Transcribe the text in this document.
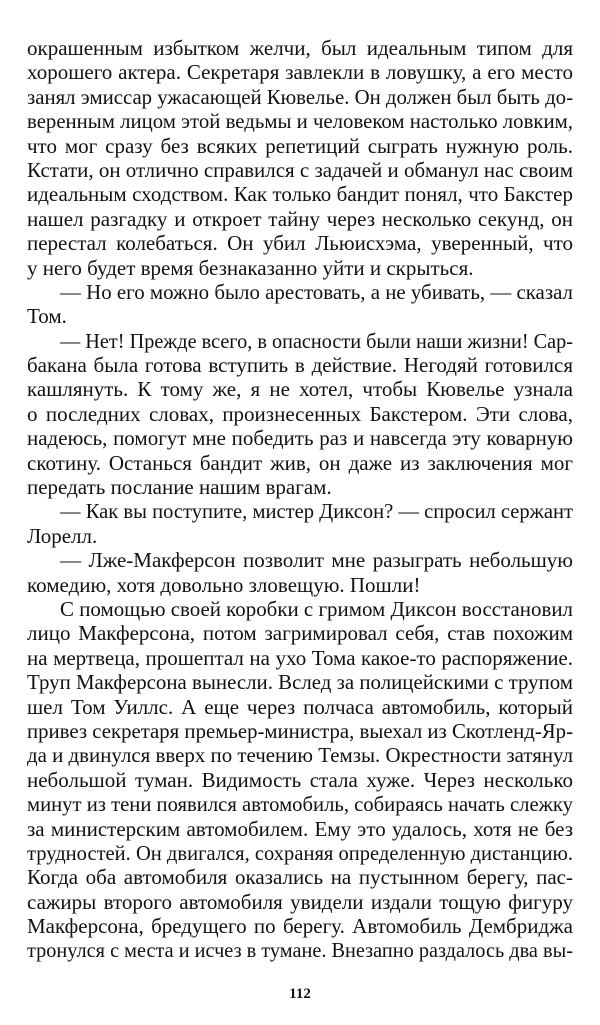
окрашенным избытком желчи, был идеальным типом для
хорошего актера. Секретаря завлекли в ловушку, а его место
занял эмиссар ужасающей Кювелье. Он должен был быть до-
веренным лицом этой ведьмы и человеком настолько ловким,
что мог сразу без всяких репетиций сыграть нужную роль.
Кстати, он отлично справился с задачей и обманул нас своим
идеальным сходством. Как только бандит понял, что Бакстер
нашел разгадку и откроет тайну через несколько секунд, он
перестал колебаться. Он убил Льюисхэма, уверенный, что
у него будет время безнаказанно уйти и скрыться.
— Но его можно было арестовать, а не убивать, — сказал
Том.
— Нет! Прежде всего, в опасности были наши жизни! Сар-
бакана была готова вступить в действие. Негодяй готовился
кашлянуть. К тому же, я не хотел, чтобы Кювелье узнала
о последних словах, произнесенных Бакстером. Эти слова,
надеюсь, помогут мне победить раз и навсегда эту коварную
скотину. Останься бандит жив, он даже из заключения мог
передать послание нашим врагам.
— Как вы поступите, мистер Диксон? — спросил сержант
Лорелл.
— Лже-Макферсон позволит мне разыграть небольшую
комедию, хотя довольно зловещую. Пошли!
С помощью своей коробки с гримом Диксон восстановил
лицо Макферсона, потом загримировал себя, став похожим
на мертвеца, прошептал на ухо Тома какое-то распоряжение.
Труп Макферсона вынесли. Вслед за полицейскими с трупом
шел Том Уиллс. А еще через полчаса автомобиль, который
привез секретаря премьер-министра, выехал из Скотленд-Яр-
да и двинулся вверх по течению Темзы. Окрестности затянул
небольшой туман. Видимость стала хуже. Через несколько
минут из тени появился автомобиль, собираясь начать слежку
за министерским автомобилем. Ему это удалось, хотя не без
трудностей. Он двигался, сохраняя определенную дистанцию.
Когда оба автомобиля оказались на пустынном берегу, пас-
сажиры второго автомобиля увидели издали тощую фигуру
Макферсона, бредущего по берегу. Автомобиль Дембриджа
тронулся с места и исчез в тумане. Внезапно раздалось два вы-
112
